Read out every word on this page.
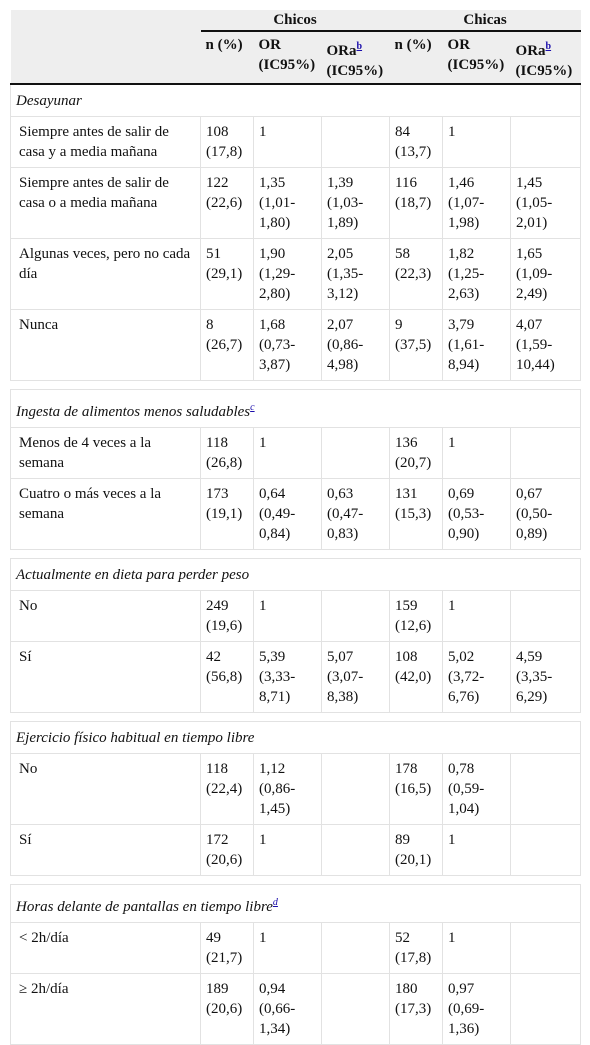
	Chicos			Chicas		
	n (%)	OR (IC95%)	ORa$^b$ (IC95%)	n (%)	OR (IC95%)	ORa$^b$ (IC95%)
Desayunar						
Siempre antes de salir de casa y a media mañana	108 (17,8)	1		84 (13,7)	1	
Siempre antes de salir de casa o a media mañana	122 (22,6)	1,35 (1,01-1,80)	1,39 (1,03-1,89)	116 (18,7)	1,46 (1,07-1,98)	1,45 (1,05-2,01)
Algunas veces, pero no cada día	51 (29,1)	1,90 (1,29-2,80)	2,05 (1,35-3,12)	58 (22,3)	1,82 (1,25-2,63)	1,65 (1,09-2,49)
Nunca	8 (26,7)	1,68 (0,73-3,87)	2,07 (0,86-4,98)	9 (37,5)	3,79 (1,61-8,94)	4,07 (1,59-10,44)

Ingesta de alimentos menos saludables$^c$
Menos de 4 veces a la semana	118 (26,8)	1		136 (20,7)	1	
Cuatro o más veces a la semana	173 (19,1)	0,64 (0,49-0,84)	0,63 (0,47-0,83)	131 (15,3)	0,69 (0,53-0,90)	0,67 (0,50-0,89)

Actualmente en dieta para perder peso						
No	249 (19,6)	1		159 (12,6)	1	
Sí	42 (56,8)	5,39 (3,33-8,71)	5,07 (3,07-8,38)	108 (42,0)	5,02 (3,72-6,76)	4,59 (3,35-6,29)

Ejercicio físico habitual en tiempo libre						
No	118 (22,4)	1,12 (0,86-1,45)		178 (16,5)	0,78 (0,59-1,04)	
Sí	172 (20,6)	1		89 (20,1)	1	

Horas delante de pantallas en tiempo libre$^d$
< 2h/día	49 (21,7)	1		52 (17,8)	1	
≥ 2h/día	189 (20,6)	0,94 (0,66-1,34)		180 (17,3)	0,97 (0,69-1,36)	
